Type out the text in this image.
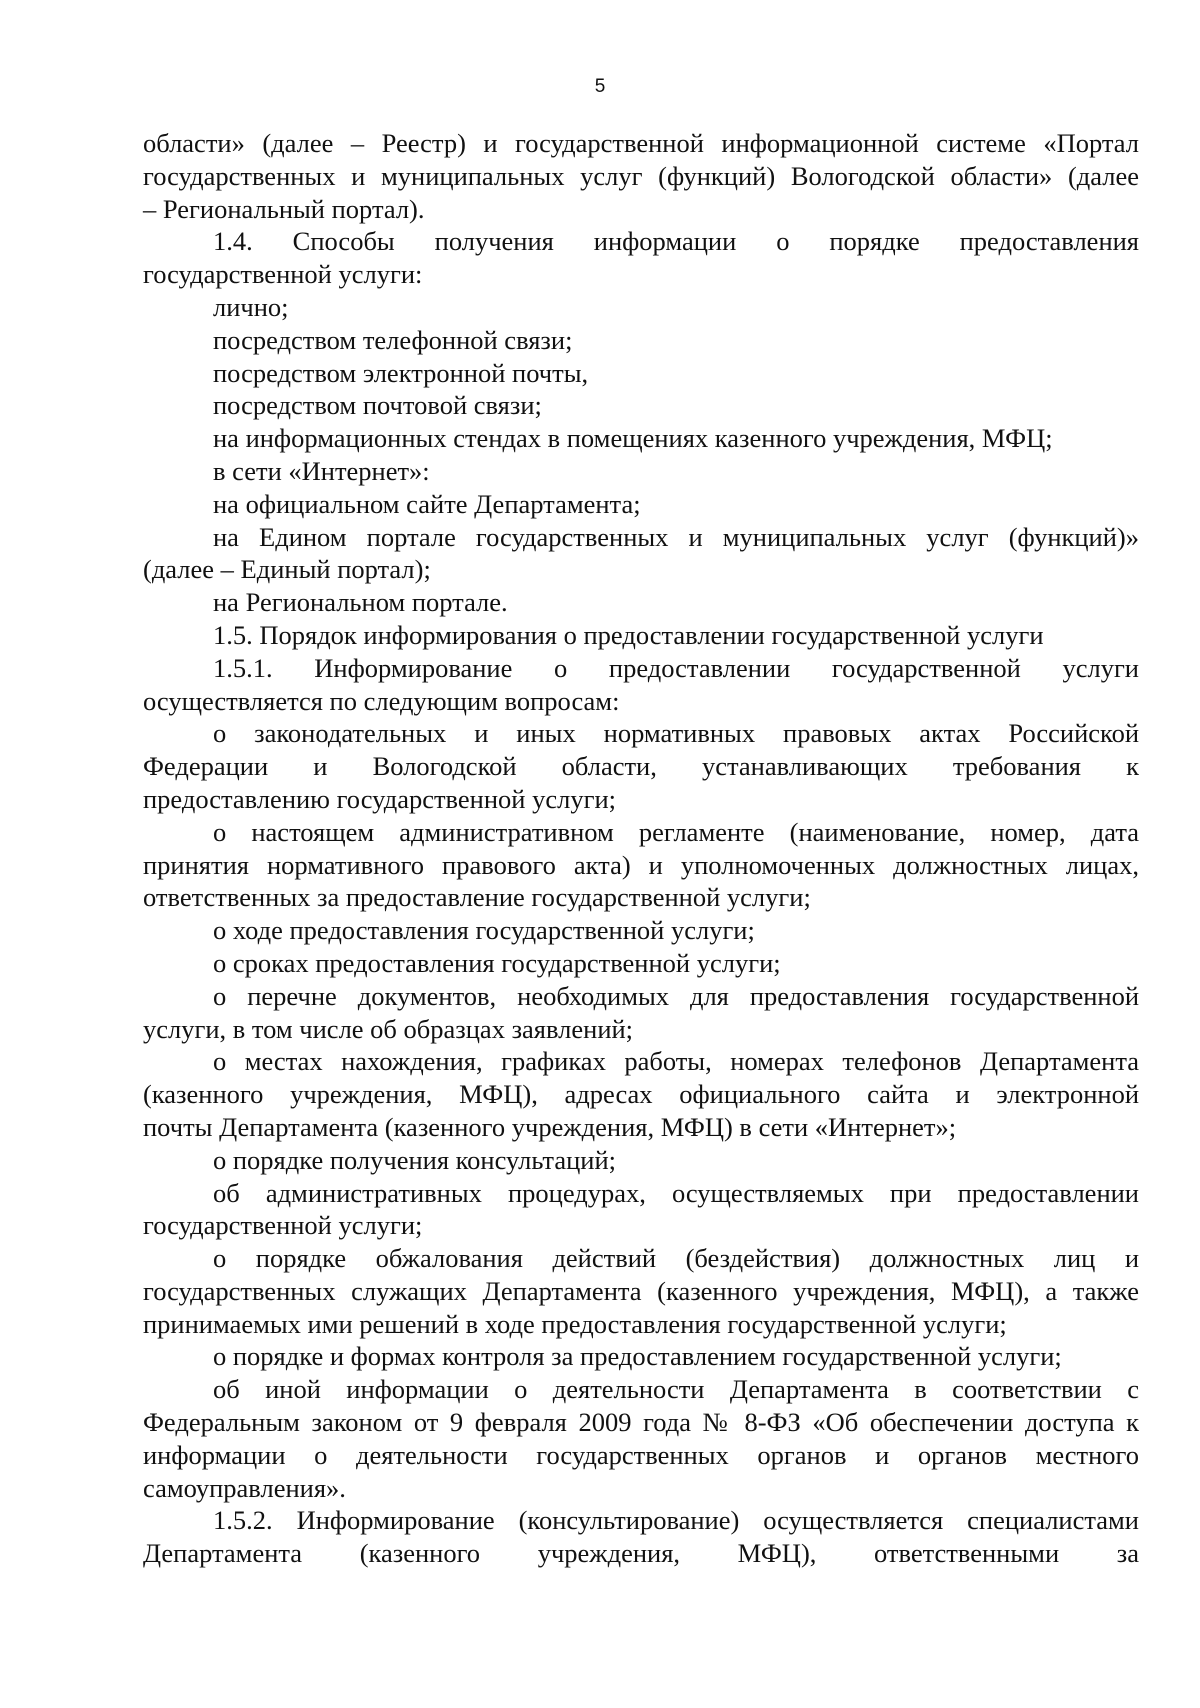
5

области» (далее – Реестр) и государственной информационной системе «Портал

государственных и муниципальных услуг (функций) Вологодской области» (далее

– Региональный портал).

1.4. Способы получения информации о порядке предоставления

государственной услуги:

лично;

посредством телефонной связи;

посредством электронной почты,

посредством почтовой связи;

на информационных стендах в помещениях казенного учреждения, МФЦ;

в сети «Интернет»:

на официальном сайте Департамента;

на Едином портале государственных и муниципальных услуг (функций)»

(далее – Единый портал);

на Региональном портале.

1.5. Порядок информирования о предоставлении государственной услуги

1.5.1. Информирование о предоставлении государственной услуги

осуществляется по следующим вопросам:

о законодательных и иных нормативных правовых актах Российской

Федерации и Вологодской области, устанавливающих требования к

предоставлению государственной услуги;

о настоящем административном регламенте (наименование, номер, дата

принятия нормативного правового акта) и уполномоченных должностных лицах,

ответственных за предоставление государственной услуги;

о ходе предоставления государственной услуги;

о сроках предоставления государственной услуги;

о перечне документов, необходимых для предоставления государственной

услуги, в том числе об образцах заявлений;

о местах нахождения, графиках работы, номерах телефонов Департамента

(казенного учреждения, МФЦ), адресах официального сайта и электронной

почты Департамента (казенного учреждения, МФЦ) в сети «Интернет»;

о порядке получения консультаций;

об административных процедурах, осуществляемых при предоставлении

государственной услуги;

о порядке обжалования действий (бездействия) должностных лиц и

государственных служащих Департамента (казенного учреждения, МФЦ), а также

принимаемых ими решений в ходе предоставления государственной услуги;

о порядке и формах контроля за предоставлением государственной услуги;

об иной информации о деятельности Департамента в соответствии с

Федеральным законом от 9 февраля 2009 года № 8-ФЗ «Об обеспечении доступа к

информации о деятельности государственных органов и органов местного

самоуправления».

1.5.2. Информирование (консультирование) осуществляется специалистами

Департамента (казенного учреждения, МФЦ), ответственными за
